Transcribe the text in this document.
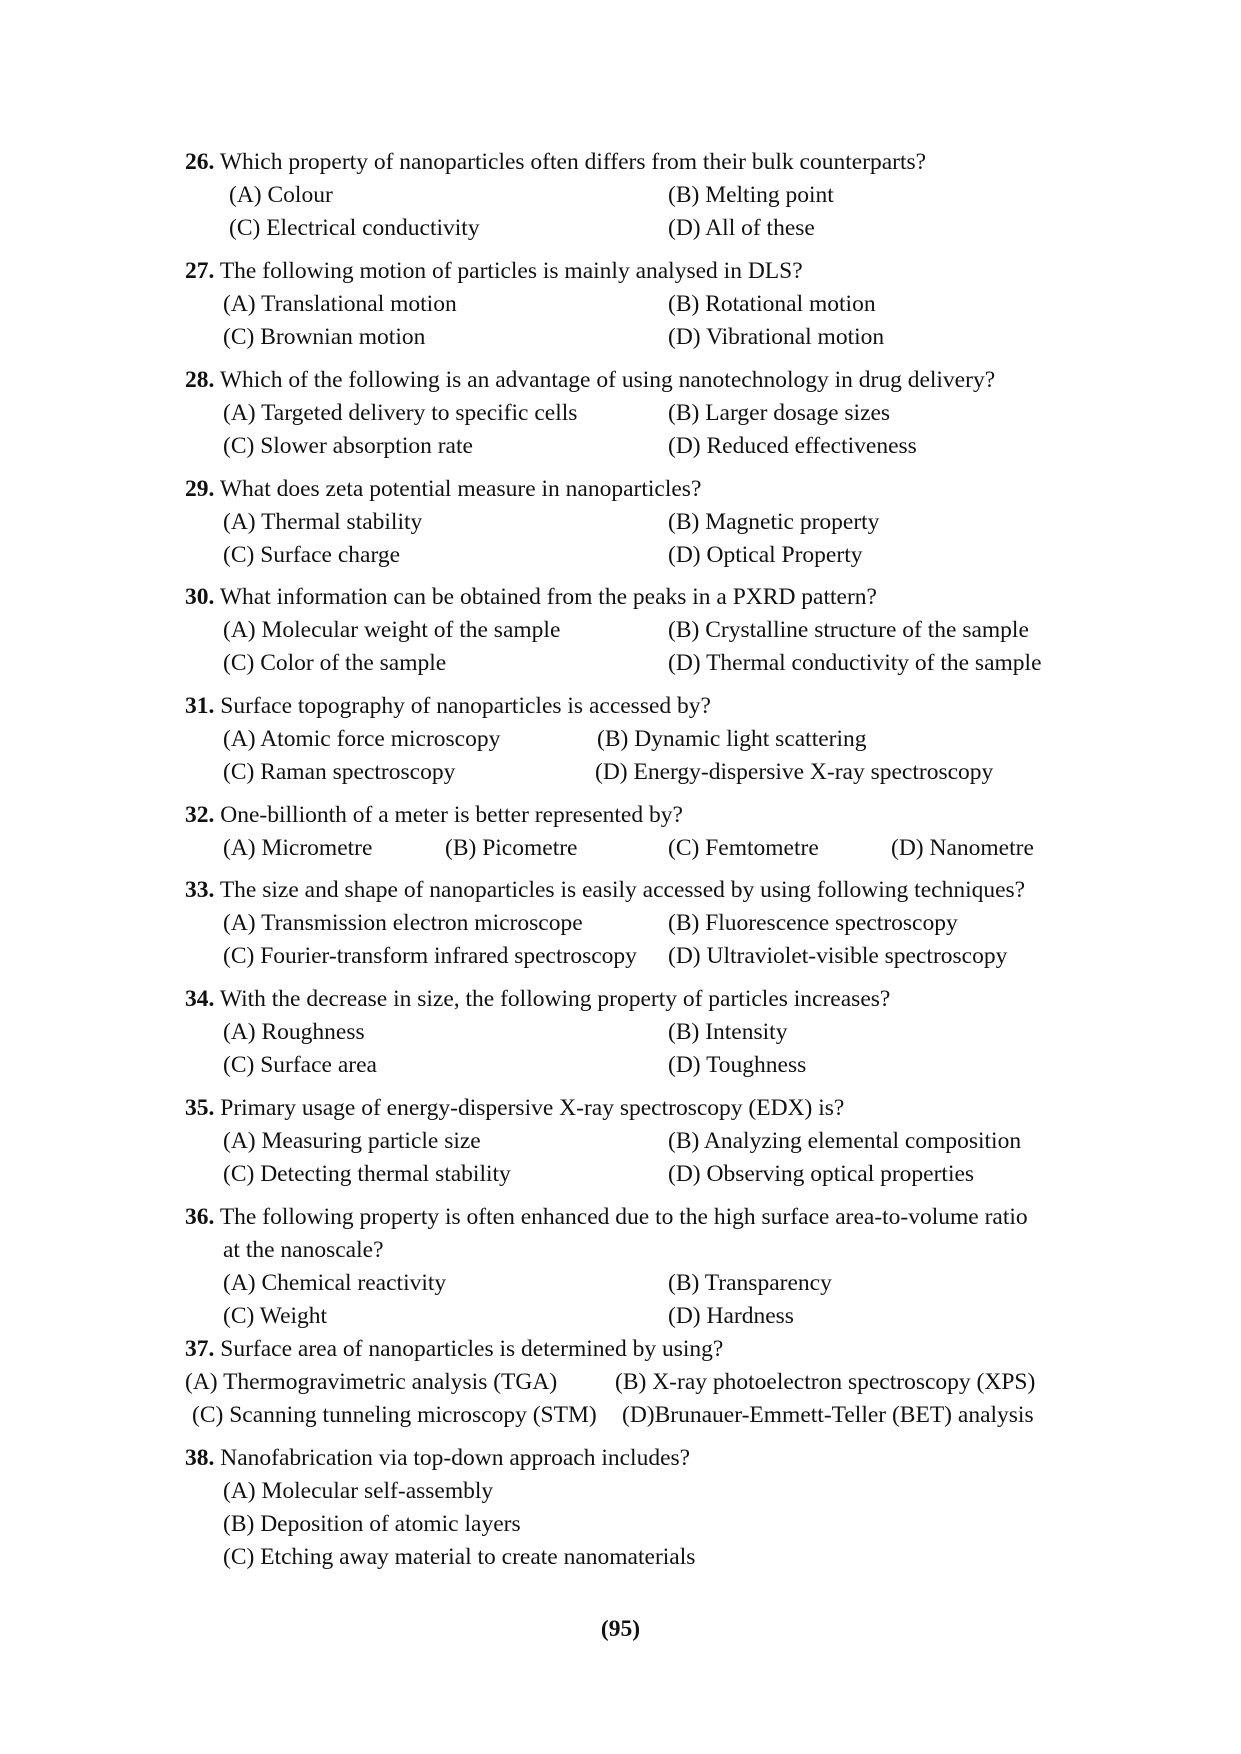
26. Which property of nanoparticles often differs from their bulk counterparts?
(A) Colour	(B) Melting point
(C) Electrical conductivity	(D) All of these
27. The following motion of particles is mainly analysed in DLS?
(A) Translational motion	(B) Rotational motion
(C) Brownian motion	(D) Vibrational motion
28. Which of the following is an advantage of using nanotechnology in drug delivery?
(A) Targeted delivery to specific cells	(B) Larger dosage sizes
(C) Slower absorption rate	(D) Reduced effectiveness
29. What does zeta potential measure in nanoparticles?
(A) Thermal stability	(B) Magnetic property
(C) Surface charge	(D) Optical Property
30. What information can be obtained from the peaks in a PXRD pattern?
(A) Molecular weight of the sample	(B) Crystalline structure of the sample
(C) Color of the sample	(D) Thermal conductivity of the sample
31. Surface topography of nanoparticles is accessed by?
(A) Atomic force microscopy	(B) Dynamic light scattering
(C) Raman spectroscopy	(D) Energy-dispersive X-ray spectroscopy
32. One-billionth of a meter is better represented by?
(A) Micrometre	(B) Picometre	(C) Femtometre	(D) Nanometre
33. The size and shape of nanoparticles is easily accessed by using following techniques?
(A) Transmission electron microscope	(B) Fluorescence spectroscopy
(C) Fourier-transform infrared spectroscopy (D) Ultraviolet-visible spectroscopy
34. With the decrease in size, the following property of particles increases?
(A) Roughness	(B) Intensity
(C) Surface area	(D) Toughness
35. Primary usage of energy-dispersive X-ray spectroscopy (EDX) is?
(A) Measuring particle size	(B) Analyzing elemental composition
(C) Detecting thermal stability	(D) Observing optical properties
36. The following property is often enhanced due to the high surface area-to-volume ratio
at the nanoscale?
(A) Chemical reactivity	(B) Transparency
(C) Weight	(D) Hardness
37. Surface area of nanoparticles is determined by using?
(A) Thermogravimetric analysis (TGA) (B) X-ray photoelectron spectroscopy (XPS)
(C) Scanning tunneling microscopy (STM) (D)Brunauer-Emmett-Teller (BET) analysis
38. Nanofabrication via top-down approach includes?
(A) Molecular self-assembly
(B) Deposition of atomic layers
(C) Etching away material to create nanomaterials
(95)
